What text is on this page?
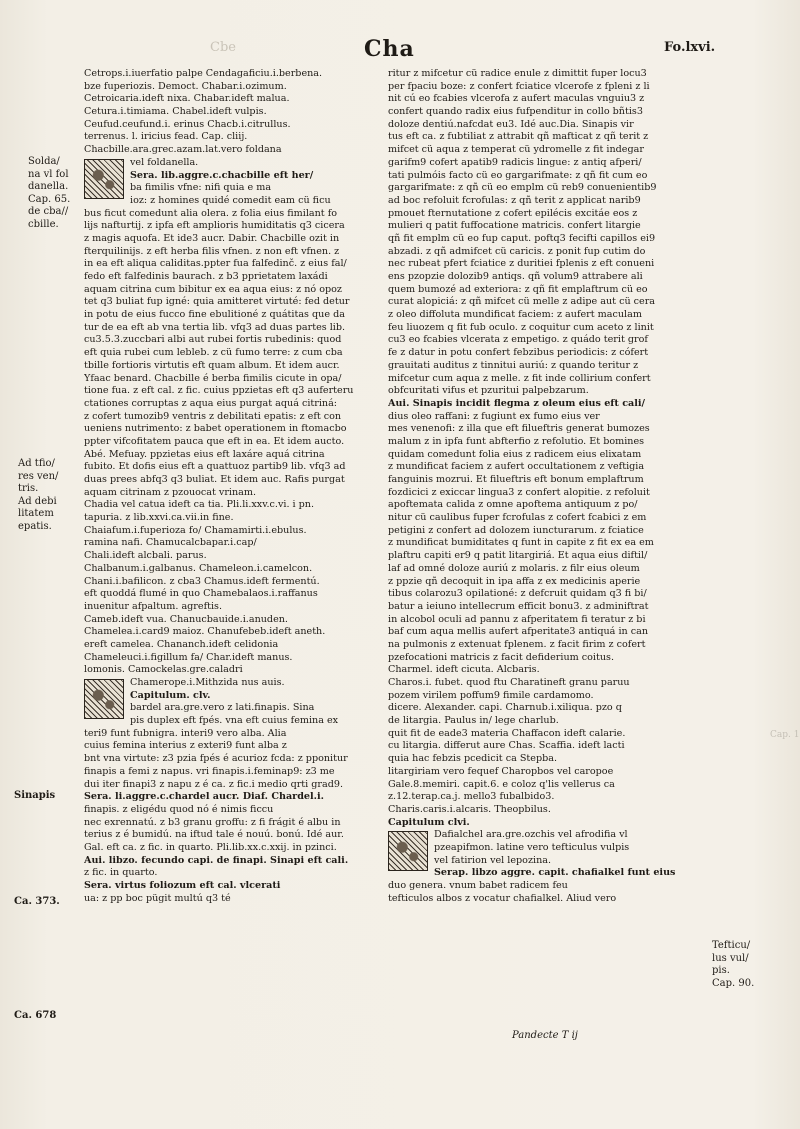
Cbe	Cha	Fo.lxvi.
Cetrops.i.iuerfatio palpe Cendagaficiu.i.berbena.
bze fuperiozis. Democt. Chabar.i.ozimum.
Cetroicaria.ideft nixa. Chabar.ideft malua.
Cetura.i.timiama. Chabel.ideft vulpis.
Ceufud.ceufund.i. erinus Chacb.i.citrullus.
terrenus. l. iricius fead. Cap. cliij.
Chacbille.ara.grec.azam.lat.vero foldana
vel foldanella.
Sera. lib.aggre.c.chacbille eft her/
ba fimilis vfne: nifi quia e ma
ioz: z homines quidé comedit eam cü ficu
bus ficut comedunt alia olera. z folia eius fimilant fo
lijs nafturtij. z ipfa eft amplioris humiditatis q3 cicera
z magis aquofa. Et ide3 aucr. Dabir. Chacbille ozit in
fterquilinijs. z eft herba filis vfnen. z non eft vfnen. z
in ea eft aliqua caliditas.ppter fua falfedinč. z eius fal/
fedo eft falfedinis baurach. z b3 pprietatem laxádi
aquam citrina cum bibitur ex ea aqua eius: z nó opoz
tet q3 buliat fup igné: quia amitteret virtuté: fed detur
in potu de eius fucco fine ebulitioné z quátitas que da
tur de ea eft ab vna tertia lib. vfq3 ad duas partes lib.
cu3.5.3.zuccbari albi aut rubei fortis rubedinis: quod
eft quia rubei cum lebleb. z cü fumo terre: z cum cba
tbille fortioris virtutis eft quam album. Et idem aucr.
Yfaac benard. Chacbille é berba fimilis cicute in opa/
tione fua. z eft cal. z fic. cuius ppzietas eft q3 auferteru
ctationes corruptas z aqua eius purgat aquá citriná:
z cofert tumozib9 ventris z debilitati epatis: z eft con
ueniens nutrimento: z babet operationem in ftomacbo
ppter vifcofitatem pauca que eft in ea. Et idem aucto.
Abé. Mefuay. ppzietas eius eft laxáre aquá citrina
fubito. Et dofis eius eft a quattuoz partib9 lib. vfq3 ad
duas prees abfq3 q3 buliat. Et idem auc. Rafis purgat
aquam citrinam z pzouocat vrinam.
Chadia vel catua ideft ca tia. Pli.li.xxv.c.vi. i pn.
tapuria. z lib.xxvi.ca.vii.in fine.
Chaiafum.i.fuperioza fo/ Chamamirti.i.ebulus.
ramina nafi. Chamucalcbapar.i.cap/
Chali.ideft alcbali. parus.
Chalbanum.i.galbanus. Chameleon.i.camelcon.
Chani.i.bafilicon. z cba3 Chamus.ideft fermentú.
eft quoddá flumé in quo Chamebalaos.i.raffanus
inuenitur afpaltum. agreftis.
Cameb.ideft vua. Chanucbauide.i.anuden.
Chamelea.i.card9 maioz. Chanufebeb.ideft aneth.
ereft camelea. Chananch.ideft celidonia
Chameleuci.i.figillum fa/ Char.ideft manus.
lomonis. Camockelas.gre.caladri
Chamerope.i.Mithzida nus auis.
Capitulum. clv.
bardel ara.gre.vero z lati.finapis. Sina
pis duplex eft fpés. vna eft cuius femina ex
teri9 funt fubnigra. interi9 vero alba. Alia
cuius femina interius z exteri9 funt alba z
bnt vna virtute: z3 pzia fpés é acurioz fcda: z pponitur
finapis a femi z napus. vri finapis.i.feminap9: z3 me
dui iter finapi3 z napu z é ca. z fic.i medio qrti grad9.
Sera. li.aggre.c.chardel aucr. Diaf. Chardel.i.
finapis. z eligédu quod nó é nimis ficcu
nec exrennatú. z b3 granu groffu: z fi frágit é albu in
terius z é bumidú. na iftud tale é nouú. bonú. Idé aur.
Gal. eft ca. z fic. in quarto. Pli.lib.xx.c.xxij. in pzinci.
Aui. libzo. fecundo capi. de finapi. Sinapi eft cali.
z fic. in quarto.
Sera. virtus foliozum eft cal. vlcerati
ua: z pp boc pügit multú q3 té
ritur z mifcetur cü radice enule z dimittit fuper locu3
per fpaciu boze: z confert fciatice vlcerofe z fpleni z li
nit cú eo fcabies vlcerofa z aufert maculas vnguiu3 z
confert quando radix eius fufpenditur in collo bñtis3
doloze dentiú.nafcdat eu3. Idé auc.Dia. Sinapis vir
tus eft ca. z fubtiliat z attrabit qñ mafticat z qñ terit z
mifcet cü aqua z temperat cü ydromelle z fit indegar
garifm9 cofert apatib9 radicis lingue: z antiq afperi/
tati pulmóis facto cü eo gargarifmate: z qñ fit cum eo
gargarifmate: z qñ cü eo emplm cü reb9 conuenientib9
ad boc refoluit fcrofulas: z qñ terit z applicat narib9
pmouet fternutatione z cofert epilécis excitáe eos z
mulieri q patit fuffocatione matricis. confert litargie
qñ fit emplm cü eo fup caput. poftq3 fecifti capillos ei9
abzadi. z qñ admifcet cü caricis. z ponit fup cutim do
nec rubeat pfert fciatice z duritiei fplenis z eft conueni
ens pzopzie dolozib9 antiqs. qñ volum9 attrabere ali
quem bumozé ad exteriora: z qñ fit emplaftrum cü eo
curat alopiciá: z qñ mifcet cü melle z adipe aut cü cera
z oleo diffoluta mundificat faciem: z aufert maculam
feu liuozem q fit fub oculo. z coquitur cum aceto z linit
cu3 eo fcabies vlcerata z empetigo. z quádo terit grof
fe z datur in potu confert febzibus periodicis: z cófert
grauitati auditus z tinnitui auriú: z quando teritur z
mifcetur cum aqua z melle. z fit inde collirium confert
obfcuritati vifus et pzuritui palpebzarum.
Aui. Sinapis incidit flegma z oleum eius eft cali/
dius oleo raffani: z fugiunt ex fumo eius ver
mes venenofi: z illa que eft filueftris generat bumozes
malum z in ipfa funt abfterfio z refolutio. Et bomines
quidam comedunt folia eius z radicem eius elixatam
z mundificat faciem z aufert occultationem z veftigia
fanguinis mozrui. Et filueftris eft bonum emplaftrum
fozdicici z exiccar lingua3 z confert alopitie. z refoluit
apoftemata calida z omne apoftema antiquum z po/
nitur cü caulibus fuper fcrofulas z cofert fcabici z em
petigini z confert ad dolozem iuncturarum. z fciatice
z mundificat bumiditates q funt in capite z fit ex ea em
plaftru capiti er9 q patit litargiriá. Et aqua eius diftil/
laf ad omné doloze auriú z molaris. z filr eius oleum
z ppzie qñ decoquit in ipa affa z ex medicinis aperie
tibus colarozu3 opilationé: z defcruit quidam q3 fi bi/
batur a ieiuno intellecrum efficit bonu3. z adminiftrat
in alcobol oculi ad pannu z afperitatem fi teratur z bi
baf cum aqua mellis aufert afperitate3 antiquá in can
na pulmonis z extenuat fplenem. z facit firim z cofert
pzefocationi matricis z facit defiderium coitus.
Charmel. ideft cicuta. Alcbaris.
Charos.i. fubet. quod ftu Charatineft granu paruu
pozem virilem poffum9 fimile cardamomo.
dicere. Alexander. capi. Charnub.i.xiliqua. pzo q
de litargia. Paulus in/ lege charlub.
quit fit de eade3 materia Chaffacon ideft calarie.
cu litargia. differut aure Chas. Scaffia. ideft lacti
quia hac febzis pcedicit ca Stepba.
litargiriam vero fequef Charopbos vel caropoe
Gale.8.memiri. capit.6. e coloz q'lis vellerus ca
z.12.terap.ca.j. mello3 fubalbido3.
Charis.caris.i.alcaris. Theopbilus.
Capitulum clvi.
Dafialchel ara.gre.ozchis vel afrodifia vl
pzeapifmon. latine vero tefticulus vulpis
vel fatirion vel lepozina.
Serap. libzo aggre. capit. chafialkel funt eius
duo genera. vnum babet radicem feu
tefticulos albos z vocatur chafialkel. Aliud vero
Solda/
na vl fol
danella.
Cap. 65.
de cba//
cbille.
Ad tfio/
res ven/
tris.
Ad debi
litatem
epatis.
Sinapis
Ca. 373.
Ca. 678
Tefticu/
lus vul/
pis.
Cap. 90.
Cap. 1
Pandecte T ij
